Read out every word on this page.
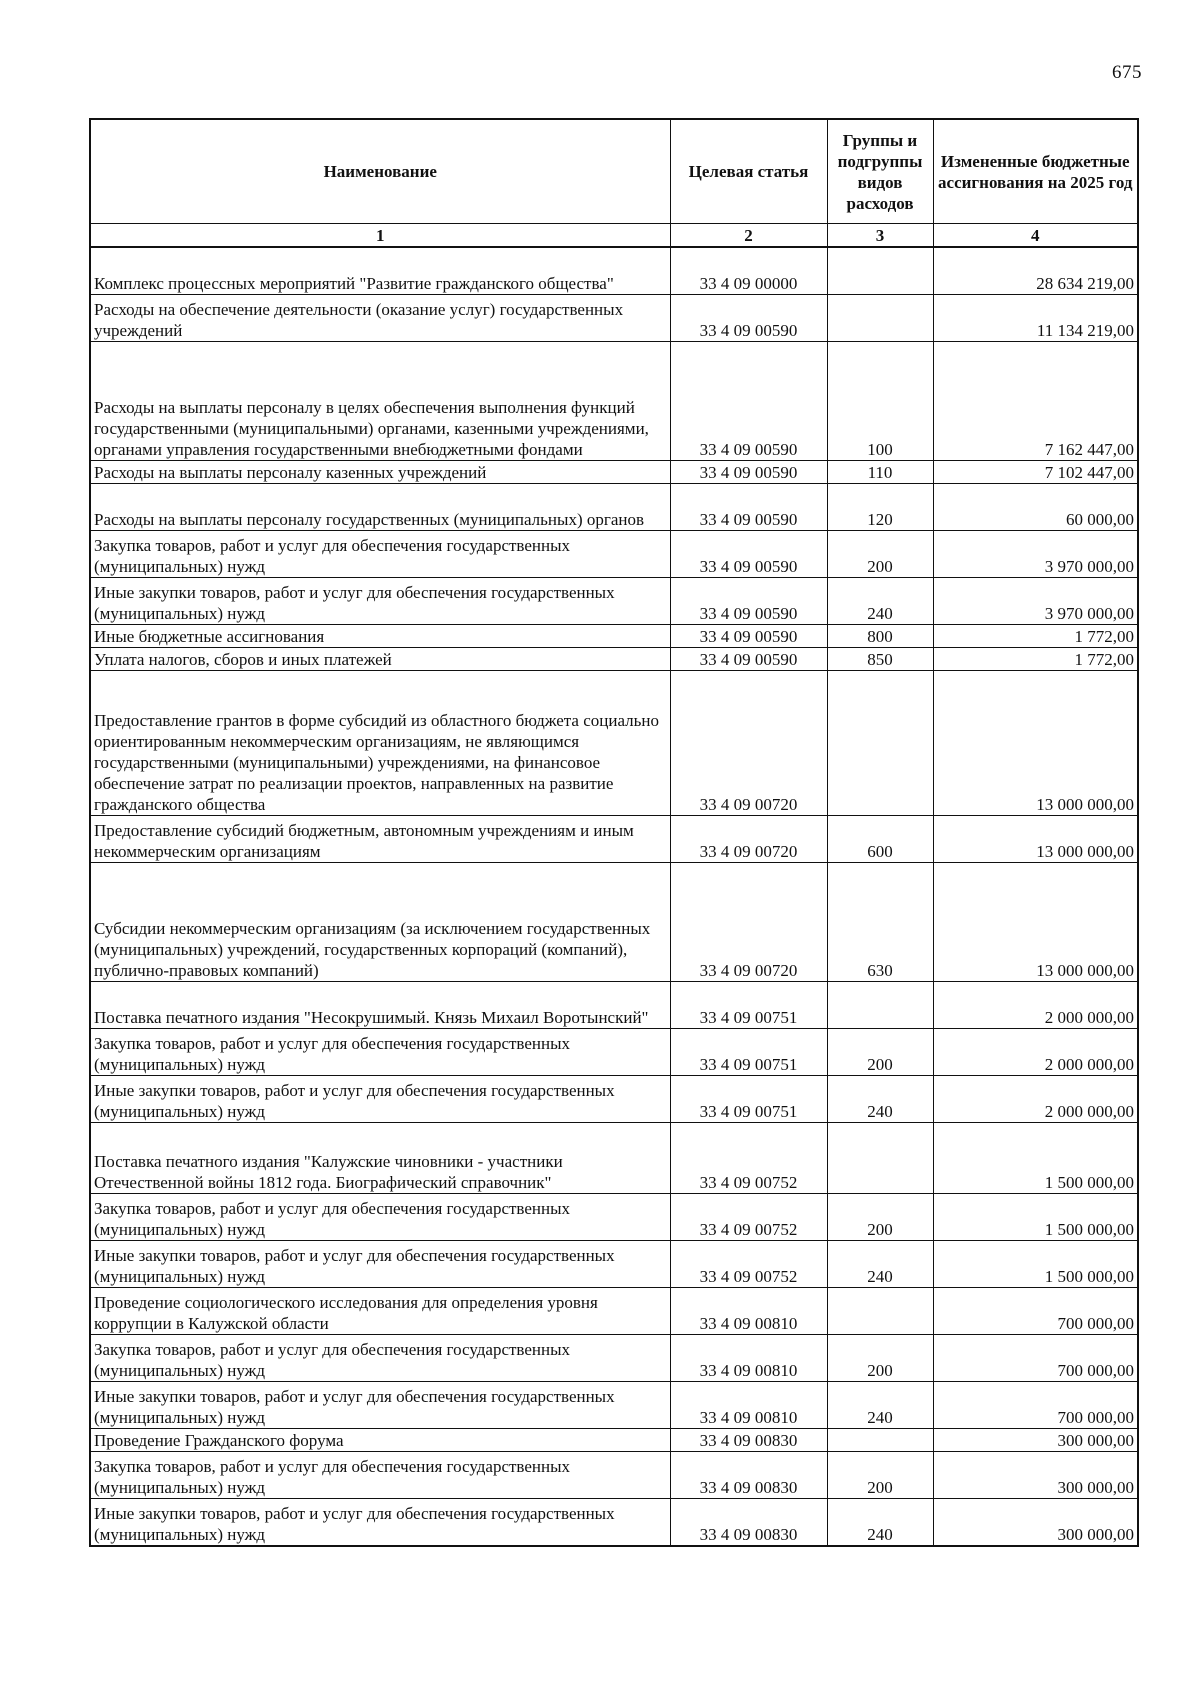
675
Наименование	Целевая статья	Группы и подгруппы видов расходов	Измененные бюджетные ассигнования на 2025 год
1	2	3	4
Комплекс процессных мероприятий "Развитие гражданского общества"	33 4 09 00000		28 634 219,00
Расходы на обеспечение деятельности (оказание услуг) государственных учреждений	33 4 09 00590		11 134 219,00
Расходы на выплаты персоналу в целях обеспечения выполнения функций государственными (муниципальными) органами, казенными учреждениями, органами управления государственными внебюджетными фондами	33 4 09 00590	100	7 162 447,00
Расходы на выплаты персоналу казенных учреждений	33 4 09 00590	110	7 102 447,00
Расходы на выплаты персоналу государственных (муниципальных) органов	33 4 09 00590	120	60 000,00
Закупка товаров, работ и услуг для обеспечения государственных (муниципальных) нужд	33 4 09 00590	200	3 970 000,00
Иные закупки товаров, работ и услуг для обеспечения государственных (муниципальных) нужд	33 4 09 00590	240	3 970 000,00
Иные бюджетные ассигнования	33 4 09 00590	800	1 772,00
Уплата налогов, сборов и иных платежей	33 4 09 00590	850	1 772,00
Предоставление грантов в форме субсидий из областного бюджета социально ориентированным некоммерческим организациям, не являющимся государственными (муниципальными) учреждениями, на финансовое обеспечение затрат по реализации проектов, направленных на развитие гражданского общества	33 4 09 00720		13 000 000,00
Предоставление субсидий бюджетным, автономным учреждениям и иным некоммерческим организациям	33 4 09 00720	600	13 000 000,00
Субсидии некоммерческим организациям (за исключением государственных (муниципальных) учреждений, государственных корпораций (компаний), публично-правовых компаний)	33 4 09 00720	630	13 000 000,00
Поставка печатного издания "Несокрушимый. Князь Михаил Воротынский"	33 4 09 00751		2 000 000,00
Закупка товаров, работ и услуг для обеспечения государственных (муниципальных) нужд	33 4 09 00751	200	2 000 000,00
Иные закупки товаров, работ и услуг для обеспечения государственных (муниципальных) нужд	33 4 09 00751	240	2 000 000,00
Поставка печатного издания "Калужские чиновники - участники Отечественной войны 1812 года. Биографический справочник"	33 4 09 00752		1 500 000,00
Закупка товаров, работ и услуг для обеспечения государственных (муниципальных) нужд	33 4 09 00752	200	1 500 000,00
Иные закупки товаров, работ и услуг для обеспечения государственных (муниципальных) нужд	33 4 09 00752	240	1 500 000,00
Проведение социологического исследования для определения уровня коррупции в Калужской области	33 4 09 00810		700 000,00
Закупка товаров, работ и услуг для обеспечения государственных (муниципальных) нужд	33 4 09 00810	200	700 000,00
Иные закупки товаров, работ и услуг для обеспечения государственных (муниципальных) нужд	33 4 09 00810	240	700 000,00
Проведение Гражданского форума	33 4 09 00830		300 000,00
Закупка товаров, работ и услуг для обеспечения государственных (муниципальных) нужд	33 4 09 00830	200	300 000,00
Иные закупки товаров, работ и услуг для обеспечения государственных (муниципальных) нужд	33 4 09 00830	240	300 000,00
